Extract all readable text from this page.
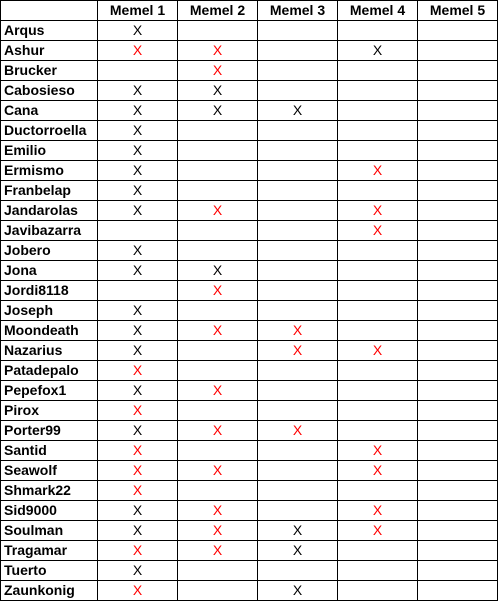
	Memel 1	Memel 2	Memel 3	Memel 4	Memel 5
Arqus	X				
Ashur	X	X		X	
Brucker		X			
Cabosieso	X	X			
Cana	X	X	X		
Ductorroella	X				
Emilio	X				
Ermismo	X			X	
Franbelap	X				
Jandarolas	X	X		X	
Javibazarra				X	
Jobero	X				
Jona	X	X			
Jordi8118		X			
Joseph	X				
Moondeath	X	X	X		
Nazarius	X		X	X	
Patadepalo	X				
Pepefox1	X	X			
Pirox	X				
Porter99	X	X	X		
Santid	X			X	
Seawolf	X	X		X	
Shmark22	X				
Sid9000	X	X		X	
Soulman	X	X	X	X	
Tragamar	X	X	X		
Tuerto	X				
Zaunkonig	X		X		
